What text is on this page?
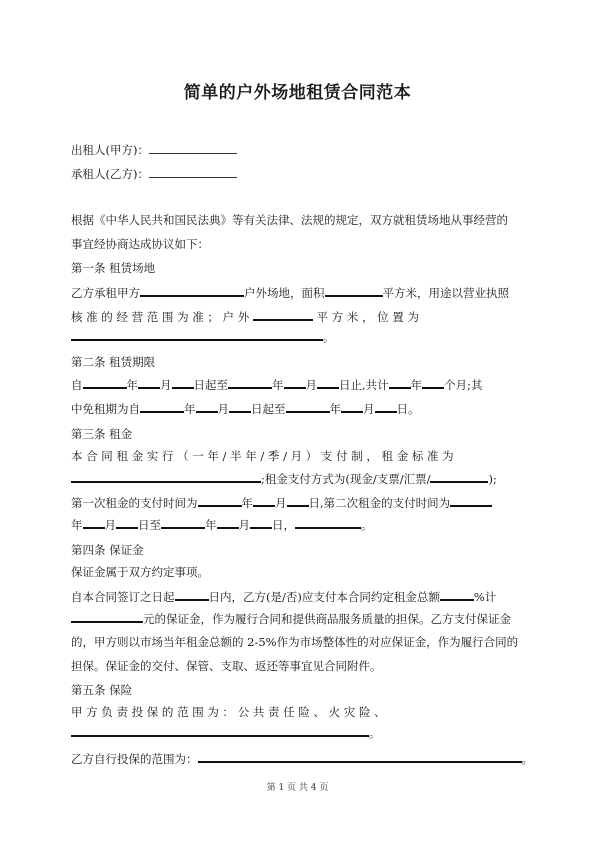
简单的户外场地租赁合同范本
出租人(甲方)：
承租人(乙方)：
根据《中华人民共和国民法典》等有关法律、法规的规定，双方就租赁场地从事经营的
事宜经协商达成协议如下：
第一条 租赁场地
乙方承租甲方	户外场地，面积	平方米，用途以营业执照
核 准 的 经 营 范 围 为 准 ； 户 外	平 方 米 ， 位 置 为
。
第二条 租赁期限
自	年 月 日起至	年 月 日止,共计 年 个月;其
中免租期为自	年 月 日起至	年 月 日。
第三条 租金
本 合 同 租 金 实 行 （ 一 年 / 半 年 / 季 / 月 ） 支 付 制 ， 租 金 标 准 为
;租金支付方式为(现金/支票/汇票/	);
第一次租金的支付时间为	年 月 日,第二次租金的支付时间为
年 月 日至	年 月 日，	。
第四条 保证金
保证金属于双方约定事项。
自本合同签订之日起	日内，乙方(是/否)应支付本合同约定租金总额	%计
元的保证金，作为履行合同和提供商品服务质量的担保。乙方支付保证金
的，甲方则以市场当年租金总额的 2-5%作为市场整体性的对应保证金，作为履行合同的
担保。保证金的交付、保管、支取、返还等事宜见合同附件。
第五条 保险
甲 方 负 责 投 保 的 范 围 为 ： 公 共 责 任 险 、 火 灾 险 、
。
乙方自行投保的范围为：	。
第 1 页 共 4 页
